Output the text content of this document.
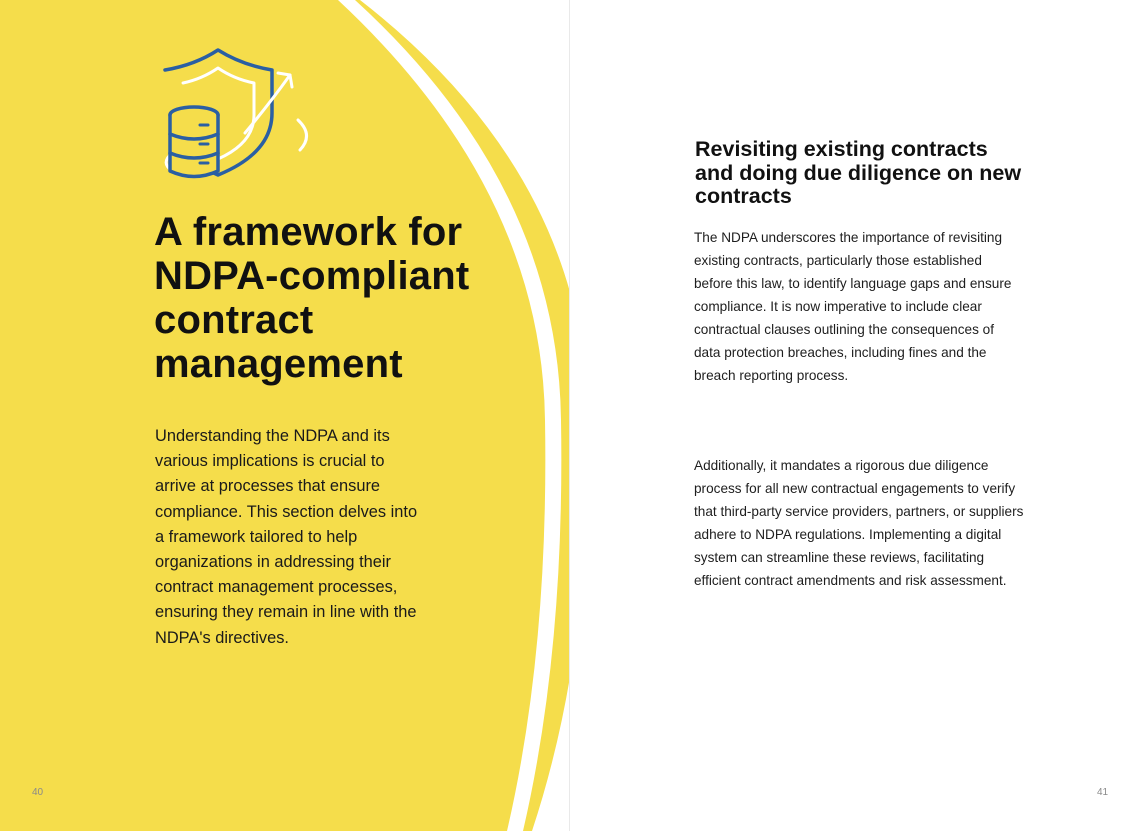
A framework for NDPA-compliant contract management

Understanding the NDPA and its various implications is crucial to arrive at processes that ensure compliance. This section delves into a framework tailored to help organizations in addressing their contract management processes, ensuring they remain in line with the NDPA's directives.

40
Revisiting existing contracts and doing due diligence on new contracts

The NDPA underscores the importance of revisiting existing contracts, particularly those established before this law, to identify language gaps and ensure compliance. It is now imperative to include clear contractual clauses outlining the consequences of data protection breaches, including fines and the breach reporting process.

Additionally, it mandates a rigorous due diligence process for all new contractual engagements to verify that third-party service providers, partners, or suppliers adhere to NDPA regulations. Implementing a digital system can streamline these reviews, facilitating efficient contract amendments and risk assessment.

41
